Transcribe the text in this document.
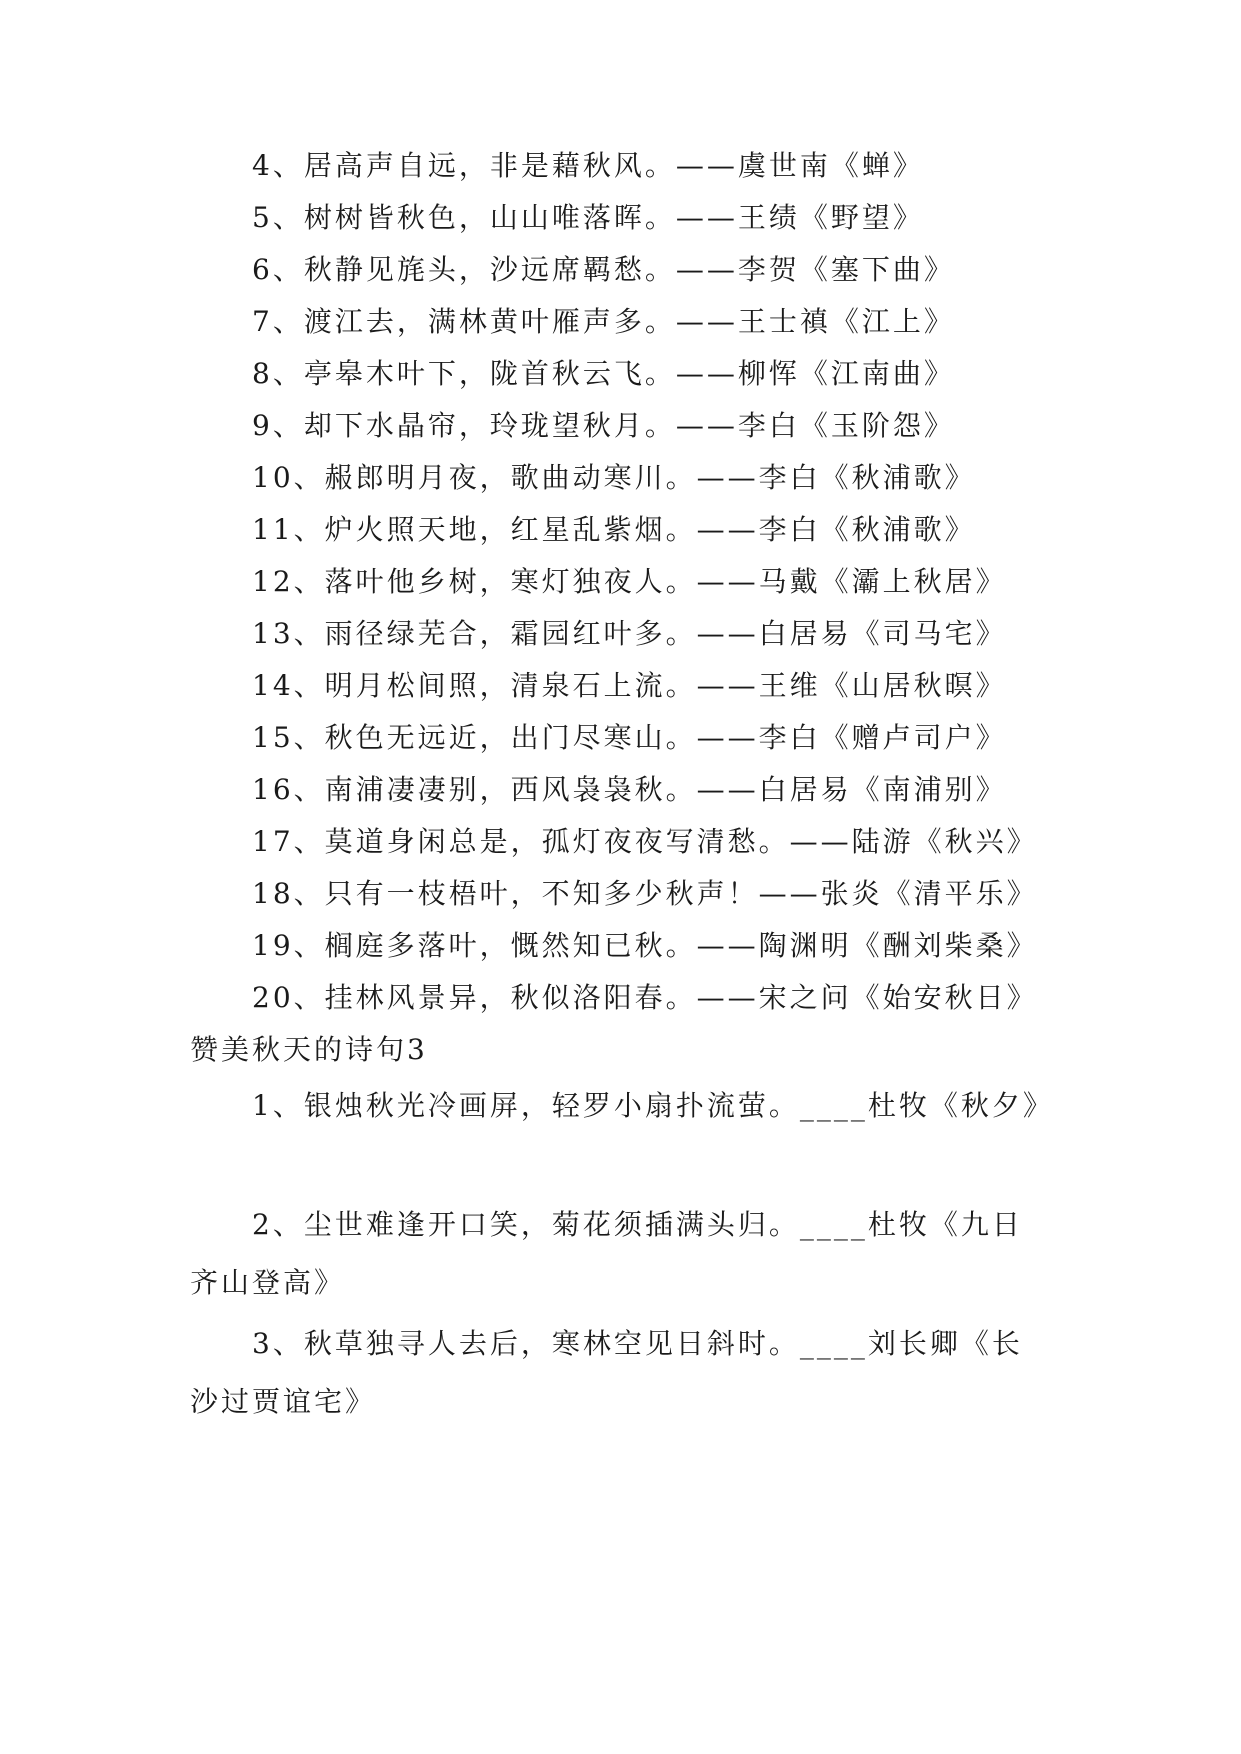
4、居高声自远，非是藉秋风。——虞世南《蝉》
5、树树皆秋色，山山唯落晖。——王绩《野望》
6、秋静见旄头，沙远席羁愁。——李贺《塞下曲》
7、渡江去，满林黄叶雁声多。——王士禛《江上》
8、亭皋木叶下，陇首秋云飞。——柳恽《江南曲》
9、却下水晶帘，玲珑望秋月。——李白《玉阶怨》
10、赧郎明月夜，歌曲动寒川。——李白《秋浦歌》
11、炉火照天地，红星乱紫烟。——李白《秋浦歌》
12、落叶他乡树，寒灯独夜人。——马戴《灞上秋居》
13、雨径绿芜合，霜园红叶多。——白居易《司马宅》
14、明月松间照，清泉石上流。——王维《山居秋暝》
15、秋色无远近，出门尽寒山。——李白《赠卢司户》
16、南浦凄凄别，西风袅袅秋。——白居易《南浦别》
17、莫道身闲总是，孤灯夜夜写清愁。——陆游《秋兴》
18、只有一枝梧叶，不知多少秋声！——张炎《清平乐》
19、榈庭多落叶，慨然知已秋。——陶渊明《酬刘柴桑》
20、挂林风景异，秋似洛阳春。——宋之问《始安秋日》
赞美秋天的诗句3
1、银烛秋光冷画屏，轻罗小扇扑流萤。____杜牧《秋夕》
2、尘世难逢开口笑，菊花须插满头归。____杜牧《九日齐山登高》
3、秋草独寻人去后，寒林空见日斜时。____刘长卿《长沙过贾谊宅》
